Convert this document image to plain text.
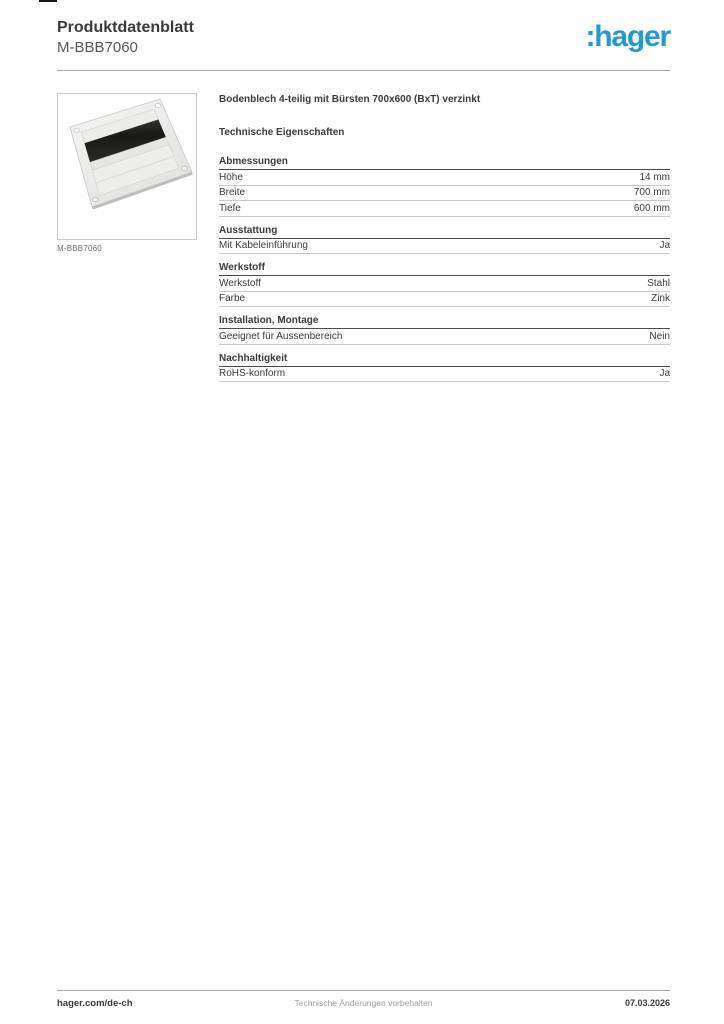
Produktdatenblatt
M-BBB7060	:hager
M-BBB7060
Bodenblech 4-teilig mit Bürsten 700x600 (BxT) verzinkt
Technische Eigenschaften
Abmessungen
Höhe	14 mm
Breite	700 mm
Tiefe	600 mm
Ausstattung
Mit Kabeleinführung	Ja
Werkstoff
Werkstoff	Stahl
Farbe	Zink
Installation, Montage
Geeignet für Aussenbereich	Nein
Nachhaltigkeit
RoHS-konform	Ja
hager.com/de-ch	Technische Änderungen vorbehalten	07.03.2026
